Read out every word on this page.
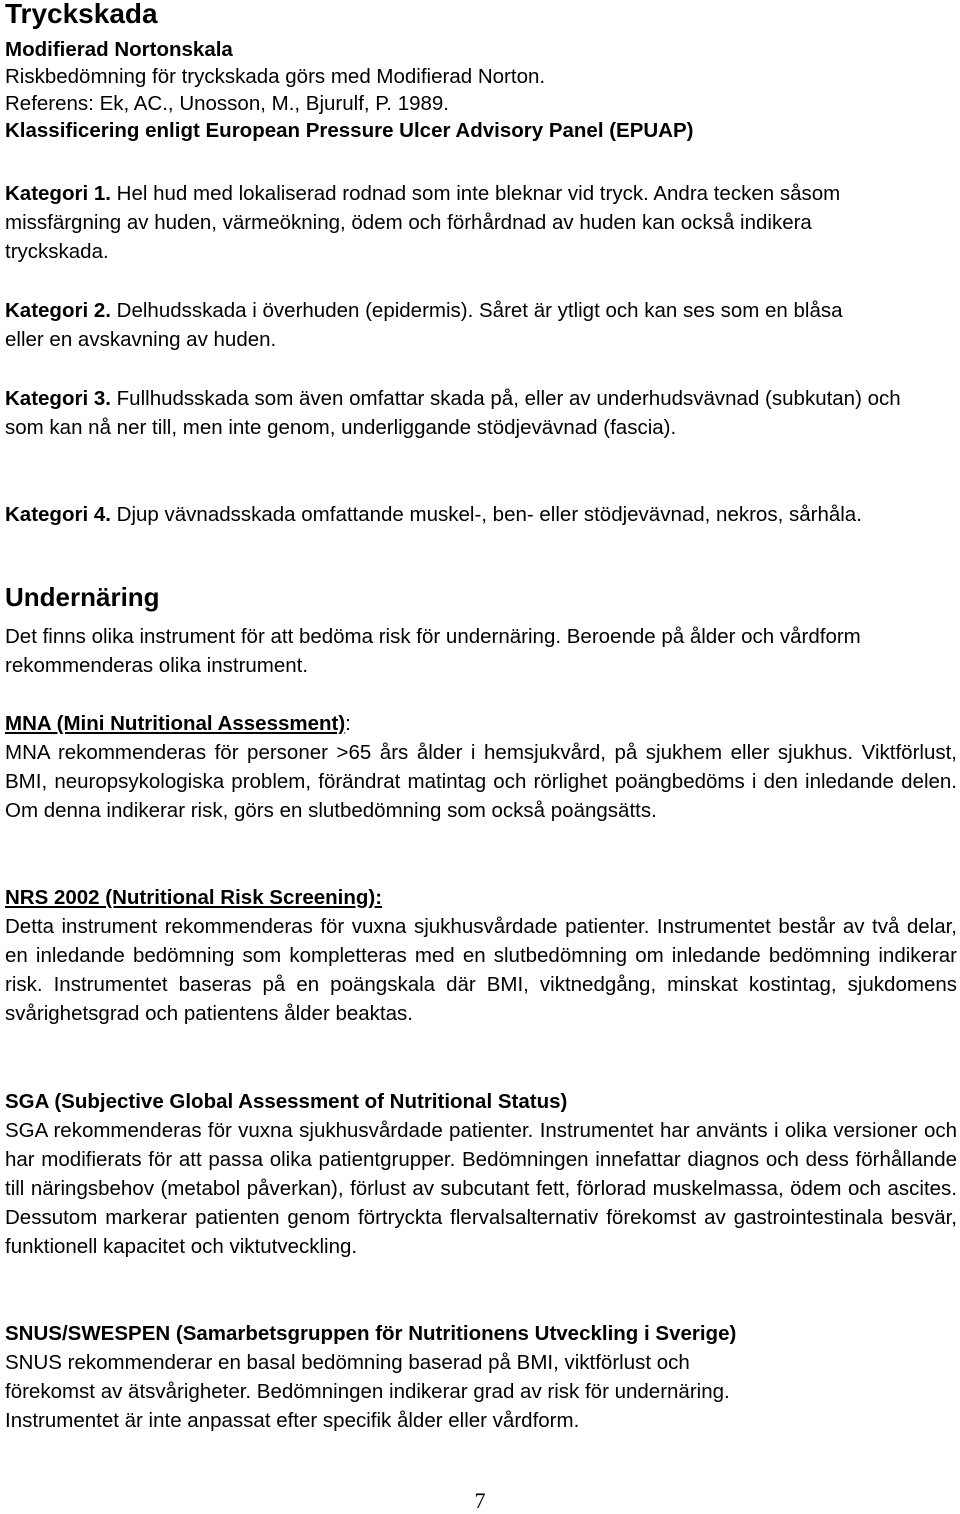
Tryckskada
Modifierad Nortonskala
Riskbedömning för tryckskada görs med Modifierad Norton.
Referens: Ek, AC., Unosson, M., Bjurulf, P. 1989.
Klassificering enligt European Pressure Ulcer Advisory Panel (EPUAP)
Kategori 1. Hel hud med lokaliserad rodnad som inte bleknar vid tryck. Andra tecken såsom missfärgning av huden, värmeökning, ödem och förhårdnad av huden kan också indikera tryckskada.
Kategori 2. Delhudsskada i överhuden (epidermis). Såret är ytligt och kan ses som en blåsa eller en avskavning av huden.
Kategori 3. Fullhudsskada som även omfattar skada på, eller av underhudsvävnad (subkutan) och som kan nå ner till, men inte genom, underliggande stödjevävnad (fascia).
Kategori 4. Djup vävnadsskada omfattande muskel-, ben- eller stödjevävnad, nekros, sårhåla.
Undernäring
Det finns olika instrument för att bedöma risk för undernäring. Beroende på ålder och vårdform rekommenderas olika instrument.
MNA (Mini Nutritional Assessment):
MNA rekommenderas för personer >65 års ålder i hemsjukvård, på sjukhem eller sjukhus. Viktförlust, BMI, neuropsykologiska problem, förändrat matintag och rörlighet poängbedöms i den inledande delen. Om denna indikerar risk, görs en slutbedömning som också poängsätts.
NRS 2002 (Nutritional Risk Screening):
Detta instrument rekommenderas för vuxna sjukhusvårdade patienter. Instrumentet består av två delar, en inledande bedömning som kompletteras med en slutbedömning om inledande bedömning indikerar risk. Instrumentet baseras på en poängskala där BMI, viktnedgång, minskat kostintag, sjukdomens svårighetsgrad och patientens ålder beaktas.
SGA (Subjective Global Assessment of Nutritional Status)
SGA rekommenderas för vuxna sjukhusvårdade patienter. Instrumentet har använts i olika versioner och har modifierats för att passa olika patientgrupper. Bedömningen innefattar diagnos och dess förhållande till näringsbehov (metabol påverkan), förlust av subcutant fett, förlorad muskelmassa, ödem och ascites. Dessutom markerar patienten genom förtryckta flervalsalternativ förekomst av gastrointestinala besvär, funktionell kapacitet och viktutveckling.
SNUS/SWESPEN (Samarbetsgruppen för Nutritionens Utveckling i Sverige)
SNUS rekommenderar en basal bedömning baserad på BMI, viktförlust och
förekomst av ätsvårigheter. Bedömningen indikerar grad av risk för undernäring.
Instrumentet är inte anpassat efter specifik ålder eller vårdform.
7
